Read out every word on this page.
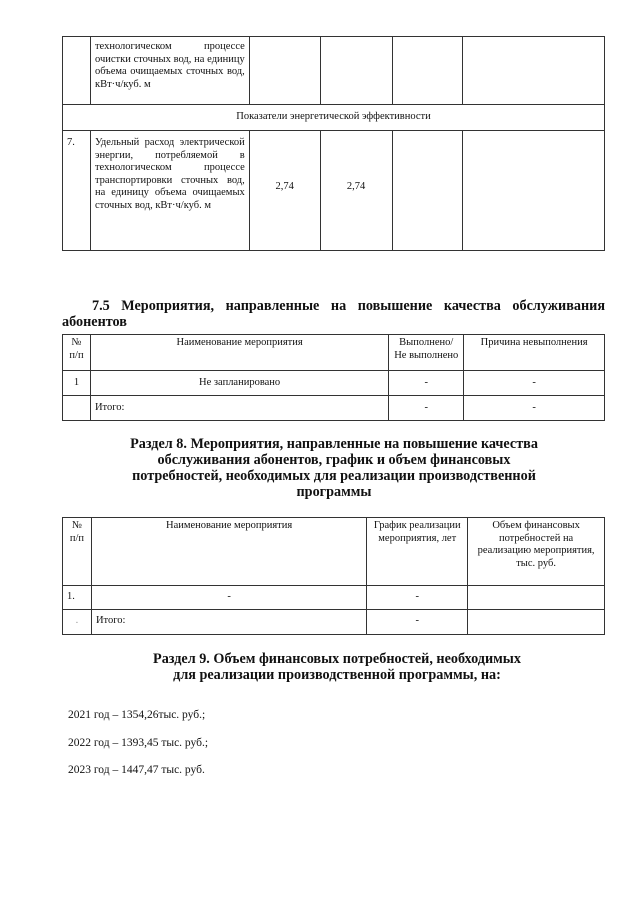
	технологическом процессе очистки сточных вод, на единицу объема очищаемых сточных вод, кВт·ч/куб. м				
Показатели энергетической эффективности					
7.	Удельный расход электрической энергии, потребляемой в технологическом процессе транспортировки сточных вод, на единицу объема очищаемых сточных вод, кВт·ч/куб. м	2,74	2,74		
7.5 Мероприятия, направленные на повышение качества обслуживания абонентов
№ п/п	Наименование мероприятия	Выполнено/ Не выполнено	Причина невыполнения
1	Не запланировано	-	-
	Итого:	-	-
Раздел 8. Мероприятия, направленные на повышение качества обслуживания абонентов, график и объем финансовых потребностей, необходимых для реализации производственной программы
№ п/п	Наименование мероприятия	График реализации мероприятия, лет	Объем финансовых потребностей на реализацию мероприятия, тыс. руб.
1.	-	-	
.	Итого:	-	
Раздел 9. Объем финансовых потребностей, необходимых для реализации производственной программы, на:
2021 год – 1354,26тыс. руб.;
2022 год – 1393,45 тыс. руб.;
2023 год – 1447,47 тыс. руб.
